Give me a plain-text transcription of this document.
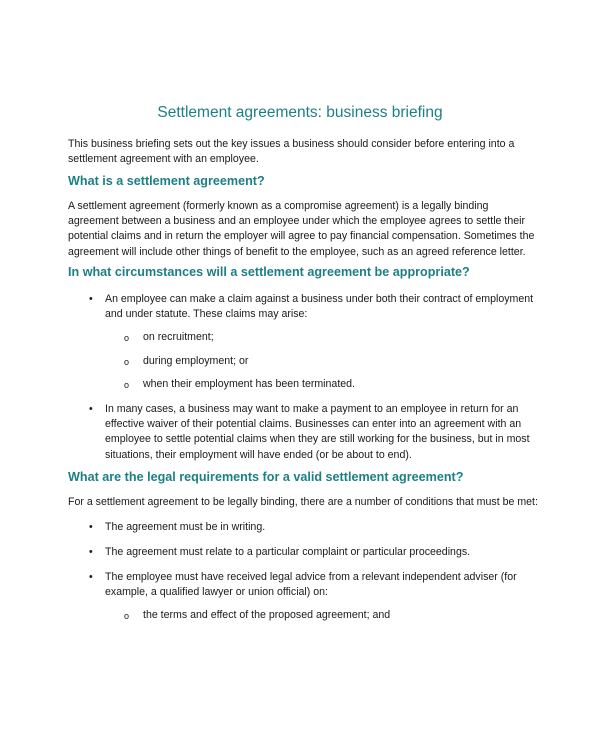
Settlement agreements: business briefing

This business briefing sets out the key issues a business should consider before entering into a settlement agreement with an employee.

What is a settlement agreement?

A settlement agreement (formerly known as a compromise agreement) is a legally binding agreement between a business and an employee under which the employee agrees to settle their potential claims and in return the employer will agree to pay financial compensation. Sometimes the agreement will include other things of benefit to the employee, such as an agreed reference letter.

In what circumstances will a settlement agreement be appropriate?
• An employee can make a claim against a business under both their contract of employment and under statute. These claims may arise:

o on recruitment;

o during employment; or

o when their employment has been terminated.

• In many cases, a business may want to make a payment to an employee in return for an effective waiver of their potential claims. Businesses can enter into an agreement with an employee to settle potential claims when they are still working for the business, but in most situations, their employment will have ended (or be about to end).

What are the legal requirements for a valid settlement agreement?

For a settlement agreement to be legally binding, there are a number of conditions that must be met:

• The agreement must be in writing.

• The agreement must relate to a particular complaint or particular proceedings.

• The employee must have received legal advice from a relevant independent adviser (for example, a qualified lawyer or union official) on:

o the terms and effect of the proposed agreement; and
